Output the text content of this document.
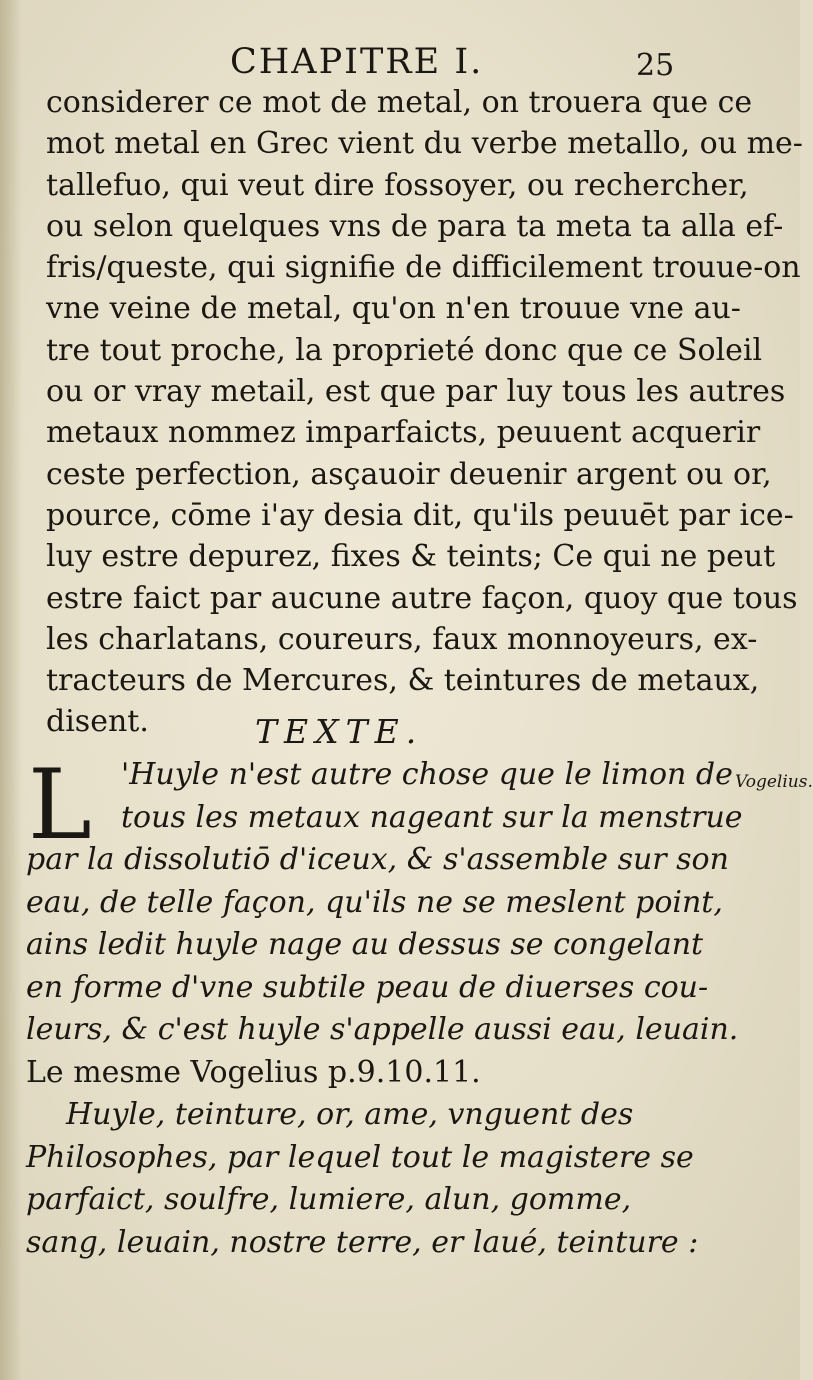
CHAPITRE I.	25
considerer ce mot de metal, on trouera que ce
mot metal en Grec vient du verbe metallo, ou me-
tallefuo, qui veut dire fossoyer, ou rechercher,
ou selon quelques vns de para ta meta ta alla ef-
fris/queste, qui signifie de difficilement trouue-on
vne veine de metal, qu'on n'en trouue vne au-
tre tout proche, la proprieté donc que ce Soleil
ou or vray metail, est que par luy tous les autres
metaux nommez imparfaicts, peuuent acquerir
ceste perfection, asçauoir deuenir argent ou or,
pource, cōme i'ay desia dit, qu'ils peuuēt par ice-
luy estre depurez, fixes & teints; Ce qui ne peut
estre faict par aucune autre façon, quoy que tous
les charlatans, coureurs, faux monnoyeurs, ex-
tracteurs de Mercures, & teintures de metaux,
disent.	TEXTE.
L	Vogelius.
'Huyle n'est autre chose que le limon de
tous les metaux nageant sur la menstrue
par la dissolutiō d'iceux, & s'assemble sur son
eau, de telle façon, qu'ils ne se meslent point,
ains ledit huyle nage au dessus se congelant
en forme d'vne subtile peau de diuerses cou-
leurs, & c'est huyle s'appelle aussi eau, leuain.
Le mesme Vogelius p.9.10.11.
Huyle, teinture, or, ame, vnguent des
Philosophes, par lequel tout le magistere se
parfaict, soulfre, lumiere, alun, gomme,
sang, leuain, nostre terre, er laué, teinture :
